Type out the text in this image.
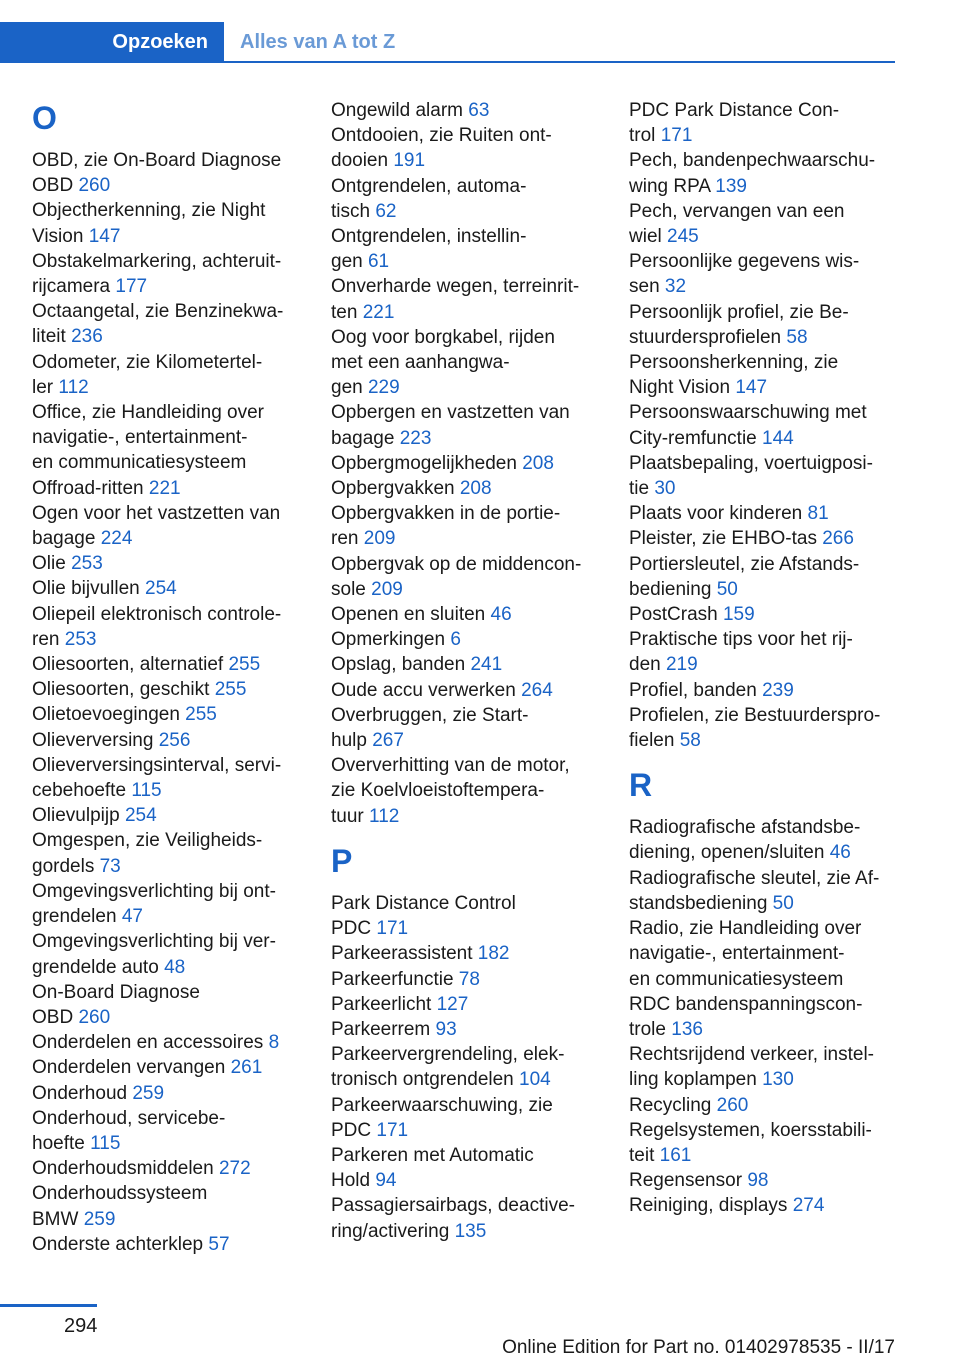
Opzoeken	Alles van A tot Z
O
OBD, zie On-Board Diagnose
OBD 260
Objectherkenning, zie Night
Vision 147
Obstakelmarkering, achteruit-
rijcamera 177
Octaangetal, zie Benzinekwa-
liteit 236
Odometer, zie Kilometertel-
ler 112
Office, zie Handleiding over
navigatie-, entertainment-
en communicatiesysteem
Offroad-ritten 221
Ogen voor het vastzetten van
bagage 224
Olie 253
Olie bijvullen 254
Oliepeil elektronisch controle-
ren 253
Oliesoorten, alternatief 255
Oliesoorten, geschikt 255
Olietoevoegingen 255
Olieverversing 256
Olieverversingsinterval, servi-
cebehoefte 115
Olievulpijp 254
Omgespen, zie Veiligheids-
gordels 73
Omgevingsverlichting bij ont-
grendelen 47
Omgevingsverlichting bij ver-
grendelde auto 48
On-Board Diagnose
OBD 260
Onderdelen en accessoires 8
Onderdelen vervangen 261
Onderhoud 259
Onderhoud, servicebe-
hoefte 115
Onderhoudsmiddelen 272
Onderhoudssysteem
BMW 259
Onderste achterklep 57
Ongewild alarm 63
Ontdooien, zie Ruiten ont-
dooien 191
Ontgrendelen, automa-
tisch 62
Ontgrendelen, instellin-
gen 61
Onverharde wegen, terreinrit-
ten 221
Oog voor borgkabel, rijden
met een aanhangwa-
gen 229
Opbergen en vastzetten van
bagage 223
Opbergmogelijkheden 208
Opbergvakken 208
Opbergvakken in de portie-
ren 209
Opbergvak op de middencon-
sole 209
Openen en sluiten 46
Opmerkingen 6
Opslag, banden 241
Oude accu verwerken 264
Overbruggen, zie Start-
hulp 267
Oververhitting van de motor,
zie Koelvloeistoftempera-
tuur 112
P
Park Distance Control
PDC 171
Parkeerassistent 182
Parkeerfunctie 78
Parkeerlicht 127
Parkeerrem 93
Parkeervergrendeling, elek-
tronisch ontgrendelen 104
Parkeerwaarschuwing, zie
PDC 171
Parkeren met Automatic
Hold 94
Passagiersairbags, deactive-
ring/activering 135
PDC Park Distance Con-
trol 171
Pech, bandenpechwaarschu-
wing RPA 139
Pech, vervangen van een
wiel 245
Persoonlijke gegevens wis-
sen 32
Persoonlijk profiel, zie Be-
stuurdersprofielen 58
Persoonsherkenning, zie
Night Vision 147
Persoonswaarschuwing met
City-remfunctie 144
Plaatsbepaling, voertuigposi-
tie 30
Plaats voor kinderen 81
Pleister, zie EHBO-tas 266
Portiersleutel, zie Afstands-
bediening 50
PostCrash 159
Praktische tips voor het rij-
den 219
Profiel, banden 239
Profielen, zie Bestuurderspro-
fielen 58
R
Radiografische afstandsbe-
diening, openen/sluiten 46
Radiografische sleutel, zie Af-
standsbediening 50
Radio, zie Handleiding over
navigatie-, entertainment-
en communicatiesysteem
RDC bandenspanningscon-
trole 136
Rechtsrijdend verkeer, instel-
ling koplampen 130
Recycling 260
Regelsystemen, koersstabili-
teit 161
Regensensor 98
Reiniging, displays 274
294
Online Edition for Part no. 01402978535 - II/17
